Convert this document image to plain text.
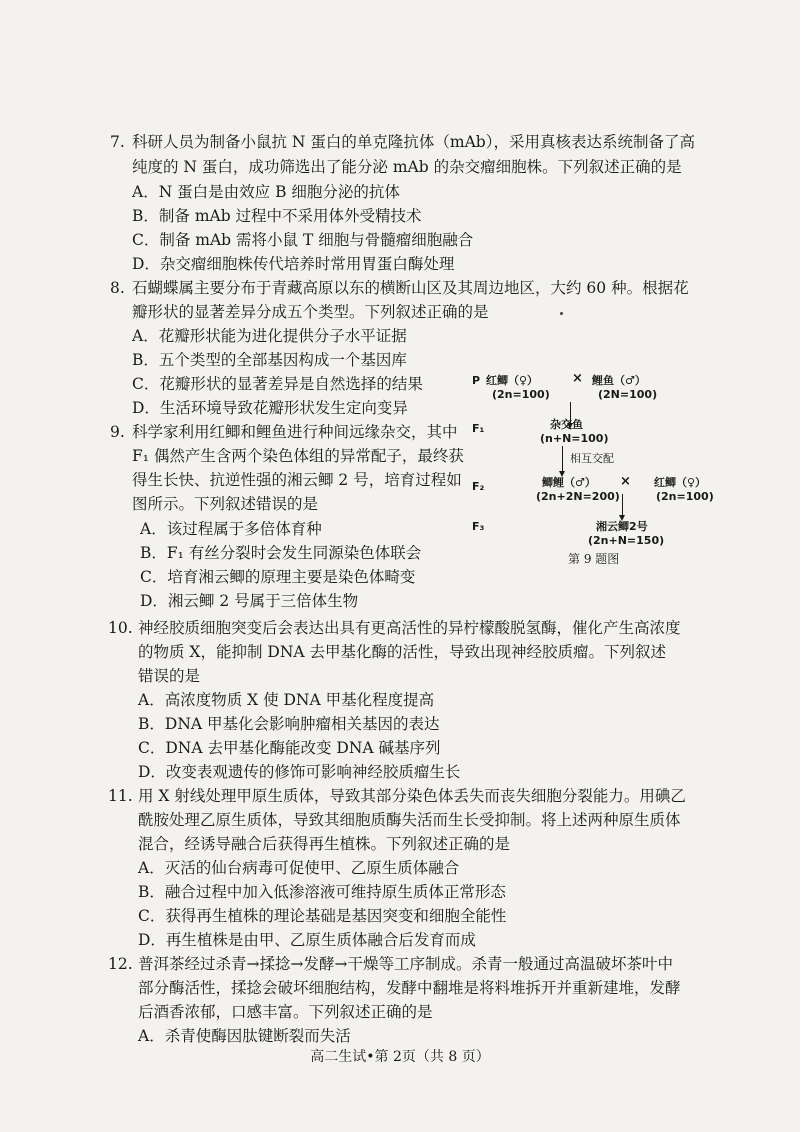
7. 科研人员为制备小鼠抗 N 蛋白的单克隆抗体（mAb），采用真核表达系统制备了高
纯度的 N 蛋白，成功筛选出了能分泌 mAb 的杂交瘤细胞株。下列叙述正确的是
A．N 蛋白是由效应 B 细胞分泌的抗体
B．制备 mAb 过程中不采用体外受精技术
C．制备 mAb 需将小鼠 T 细胞与骨髓瘤细胞融合
D．杂交瘤细胞株传代培养时常用胃蛋白酶处理
8. 石蝴蝶属主要分布于青藏高原以东的横断山区及其周边地区，大约 60 种。根据花
瓣形状的显著差异分成五个类型。下列叙述正确的是
A．花瓣形状能为进化提供分子水平证据
B．五个类型的全部基因构成一个基因库
C．花瓣形状的显著差异是自然选择的结果
D．生活环境导致花瓣形状发生定向变异
9. 科学家利用红鲫和鲤鱼进行种间远缘杂交，其中
F₁ 偶然产生含两个染色体组的异常配子，最终获
得生长快、抗逆性强的湘云鲫 2 号，培育过程如
图所示。下列叙述错误的是
A．该过程属于多倍体育种
B．F₁ 有丝分裂时会发生同源染色体联会
C．培育湘云鲫的原理主要是染色体畸变
D．湘云鲫 2 号属于三倍体生物
P 红鲫（♀）
(2n=100)
× 鲤鱼（♂）
(2N=100)
F₁	杂交鱼
(n+N=100)
相互交配
F₂	鲫鲤（♂）
(2n+2N=200)
× 红鲫（♀）
(2n=100)
F₃	湘云鲫2号
(2n+N=150)
第 9 题图
10. 神经胶质细胞突变后会表达出具有更高活性的异柠檬酸脱氢酶，催化产生高浓度
的物质 X，能抑制 DNA 去甲基化酶的活性，导致出现神经胶质瘤。下列叙述
错误的是
A．高浓度物质 X 使 DNA 甲基化程度提高
B．DNA 甲基化会影响肿瘤相关基因的表达
C．DNA 去甲基化酶能改变 DNA 碱基序列
D．改变表观遗传的修饰可影响神经胶质瘤生长
11. 用 X 射线处理甲原生质体，导致其部分染色体丢失而丧失细胞分裂能力。用碘乙
酰胺处理乙原生质体，导致其细胞质酶失活而生长受抑制。将上述两种原生质体
混合，经诱导融合后获得再生植株。下列叙述正确的是
A．灭活的仙台病毒可促使甲、乙原生质体融合
B．融合过程中加入低渗溶液可维持原生质体正常形态
C．获得再生植株的理论基础是基因突变和细胞全能性
D．再生植株是由甲、乙原生质体融合后发育而成
12. 普洱茶经过杀青→揉捻→发酵→干燥等工序制成。杀青一般通过高温破坏茶叶中
部分酶活性，揉捻会破坏细胞结构，发酵中翻堆是将料堆拆开并重新建堆，发酵
后酒香浓郁，口感丰富。下列叙述正确的是
A．杀青使酶因肽键断裂而失活
高二生试•第 2页（共 8 页）
